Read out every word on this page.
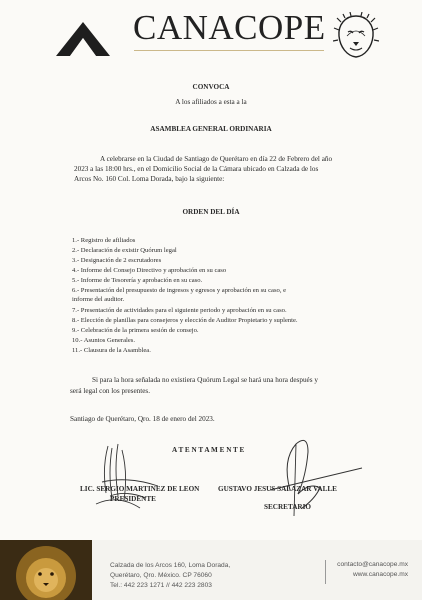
CANACOPE
CONVOCA
A los afiliados a esta a la
ASAMBLEA GENERAL ORDINARIA
A celebrarse en la Ciudad de Santiago de Querétaro en día 22 de Febrero del año
2023 a las 18:00 hrs., en el Domicilio Social de la Cámara ubicado en Calzada de los
Arcos No. 160 Col. Loma Dorada, bajo la siguiente:
ORDEN DEL DÍA
1.- Registro de afiliados
2.- Declaración de existir Quórum legal
3.- Designación de 2 escrutadores
4.- Informe del Consejo Directivo y aprobación en su caso
5.- Informe de Tesorería y aprobación en su caso.
6.- Presentación del presupuesto de ingresos y egresos y aprobación en su caso, e
informe del auditor.
7.- Presentación de actividades para el siguiente periodo y aprobación en su caso.
8.- Elección de planillas para consejeros y elección de Auditor Propietario y suplente.
9.- Celebración de la primera sesión de consejo.
10.- Asuntos Generales.
11.- Clausura de la Asamblea.
Si para la hora señalada no existiera Quórum Legal se hará una hora después y
será legal con los presentes.
Santiago de Querétaro, Qro. 18 de enero del 2023.
A T E N T A M E N T E
LIC. SERGIO MARTINEZ DE LEON
PRESIDENTE
GUSTAVO JESUS SALAZAR VALLE
SECRETARIO
Calzada de los Arcos 160, Loma Dorada,
Querétaro, Qro. México. CP 76060
Tel.: 442 223 1271 // 442 223 2803
contacto@canacope.mx
www.canacope.mx
